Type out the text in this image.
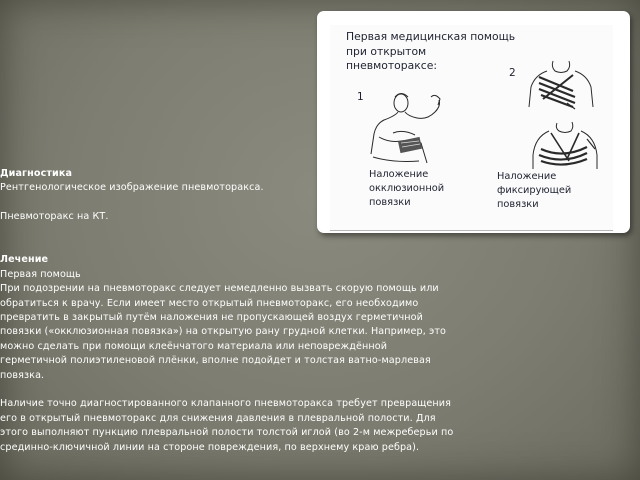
Диагностика
Рентгенологическое изображение пневмоторакса.
Пневмоторакс на КТ.
Лечение
Первая помощь
При подозрении на пневмоторакс следует немедленно вызвать скорую помощь или
обратиться к врачу. Если имеет место открытый пневмоторакс, его необходимо
превратить в закрытый путём наложения не пропускающей воздух герметичной
повязки («окклюзионная повязка») на открытую рану грудной клетки. Например, это
можно сделать при помощи клеёнчатого материала или неповреждённой
герметичной полиэтиленовой плёнки, вполне подойдет и толстая ватно-марлевая
повязка.
Наличие точно диагностированного клапанного пневмоторакса требует превращения
его в открытый пневмоторакс для снижения давления в плевральной полости. Для
этого выполняют пункцию плевральной полости толстой иглой (во 2-м межреберьи по
срединно-ключичной линии на стороне повреждения, по верхнему краю ребра).
Первая медицинская помощь
при открытом
пневмотораксе:
2
1
Наложение
окклюзионной
повязки
Наложение
фиксирующей
повязки
